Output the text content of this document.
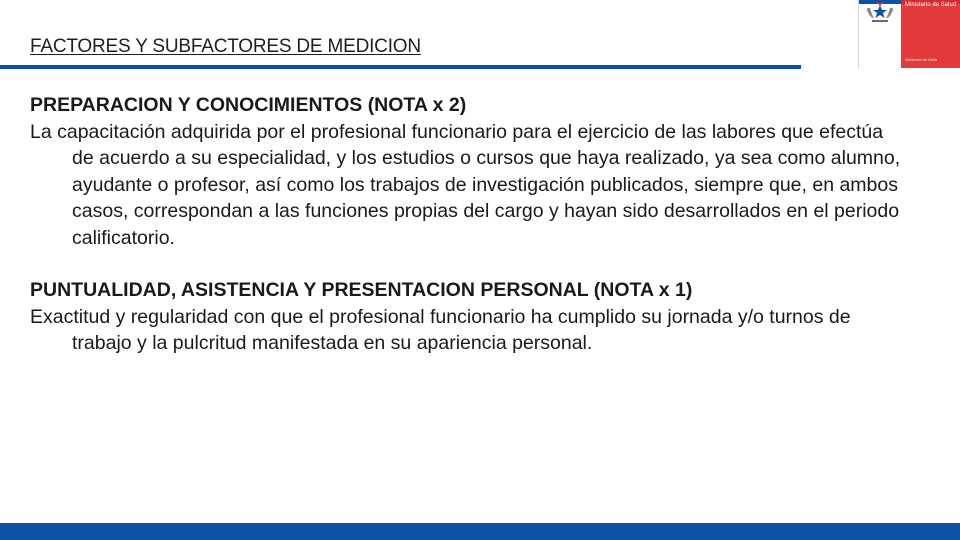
FACTORES Y SUBFACTORES DE MEDICION
Ministerio de Salud
Gobierno de Chile

PREPARACION Y CONOCIMIENTOS (NOTA x 2)

La capacitación adquirida por el profesional funcionario para el ejercicio de las labores que efectúa de acuerdo a su especialidad, y los estudios o cursos que haya realizado, ya sea como alumno, ayudante o profesor, así como los trabajos de investigación publicados, siempre que, en ambos casos, correspondan a las funciones propias del cargo y hayan sido desarrollados en el periodo calificatorio.

PUNTUALIDAD, ASISTENCIA Y PRESENTACION PERSONAL (NOTA x 1)

Exactitud y regularidad con que el profesional funcionario ha cumplido su jornada y/o turnos de trabajo y la pulcritud manifestada en su apariencia personal.
